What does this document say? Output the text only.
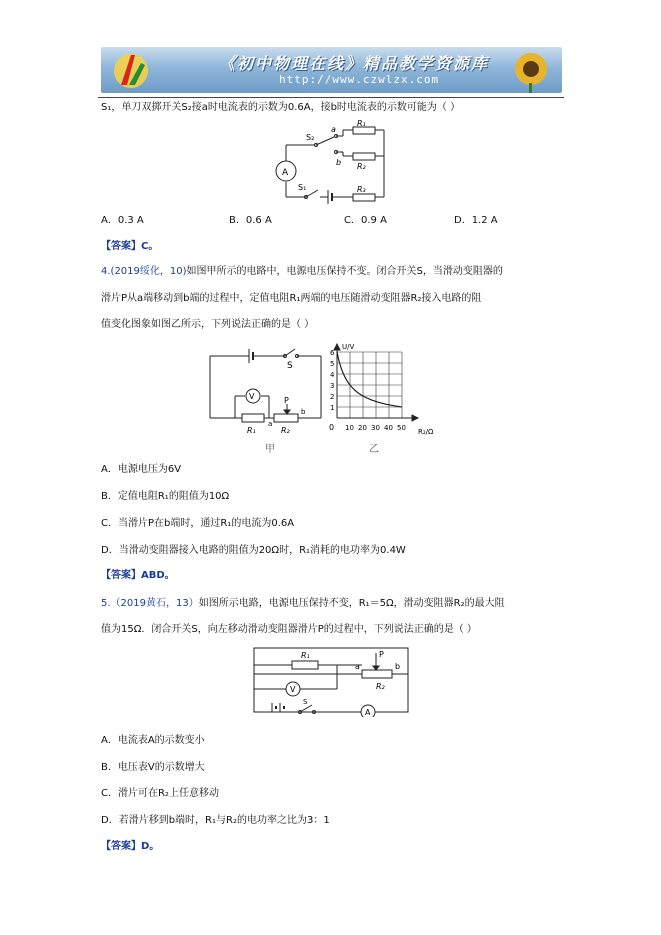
《初中物理在线》精品教学资源库
http://www.czwlzx.com
S₁，单刀双掷开关S₂接a时电流表的示数为0.6A，接b时电流表的示数可能为（ ）
A
S₂
a
b
R₁
R₂
S₁	R₃
A．0.3 A	B．0.6 A	C．0.9 A	D．1.2 A
【答案】C。
4.(2019绥化，10)如图甲所示的电路中，电源电压保持不变。闭合开关S，当滑动变阻器的
滑片P从a端移动到b端的过程中，定值电阻R₁两端的电压随滑动变阻器R₂接入电路的阻
值变化图象如图乙所示，下列说法正确的是（ ）
V
S
P
a
b
R₁	R₂
甲
1
2
3
4
5
6
10 20 30 40 50
0
U/V
R₂/Ω
乙
A．电源电压为6V
B．定值电阻R₁的阻值为10Ω
C．当滑片P在b端时，通过R₁的电流为0.6A
D．当滑动变阻器接入电路的阻值为20Ω时，R₁消耗的电功率为0.4W
【答案】ABD。
5.（2019黄石，13）如图所示电路，电源电压保持不变，R₁＝5Ω，滑动变阻器R₂的最大阻
值为15Ω．闭合开关S，向左移动滑动变阻器滑片P的过程中，下列说法正确的是（ ）
R₁
R₂
P
a	b
V
S
A
A．电流表A的示数变小
B．电压表V的示数增大
C．滑片可在R₂上任意移动
D．若滑片移到b端时，R₁与R₂的电功率之比为3：1
【答案】D。
